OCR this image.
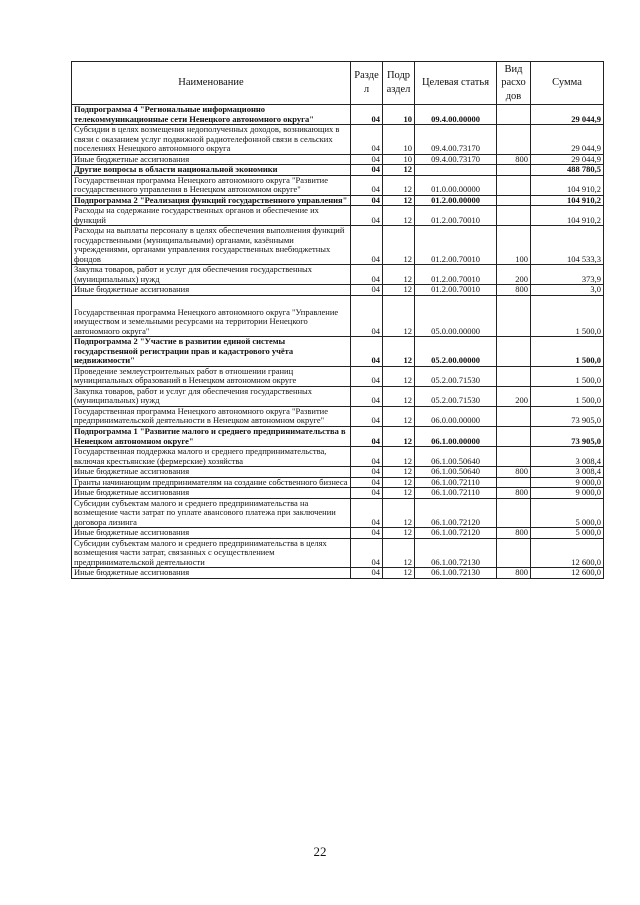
Наименование	Разде л	Подр аздел	Целевая статья	Вид расхо дов	Сумма
Подпрограмма 4 "Региональные информационно телекоммуникационные сети Ненецкого автономного округа"	04	10	09.4.00.00000		29 044,9
Субсидии в целях возмещения недополученных доходов, возникающих в связи с оказанием услуг подвижной радиотелефонной связи в сельских поселениях Ненецкого автономного округа	04	10	09.4.00.73170		29 044,9
Иные бюджетные ассигнования	04	10	09.4.00.73170	800	29 044,9
Другие вопросы в области национальной экономики	04	12			488 780,5
Государственная программа Ненецкого автономного округа "Развитие государственного управления в Ненецком автономном округе"	04	12	01.0.00.00000		104 910,2
Подпрограмма 2 "Реализация функций государственного управления"	04	12	01.2.00.00000		104 910,2
Расходы на содержание государственных органов и обеспечение их функций	04	12	01.2.00.70010		104 910,2
Расходы на выплаты персоналу в целях обеспечения выполнения функций государственными (муниципальными) органами, казёнными учреждениями, органами управления государственных внебюджетных фондов	04	12	01.2.00.70010	100	104 533,3
Закупка товаров, работ и услуг для обеспечения государственных (муниципальных) нужд	04	12	01.2.00.70010	200	373,9
Иные бюджетные ассигнования	04	12	01.2.00.70010	800	3,0
Государственная программа Ненецкого автономного округа "Управление имуществом и земельными ресурсами на территории Ненецкого автономного округа"	04	12	05.0.00.00000		1 500,0
Подпрограмма 2 "Участие в развитии единой системы государственной регистрации прав и кадастрового учёта недвижимости"	04	12	05.2.00.00000		1 500,0
Проведение землеустроительных работ в отношении границ муниципальных образований в Ненецком автономном округе	04	12	05.2.00.71530		1 500,0
Закупка товаров, работ и услуг для обеспечения государственных (муниципальных) нужд	04	12	05.2.00.71530	200	1 500,0
Государственная программа Ненецкого автономного округа "Развитие предпринимательской деятельности в Ненецком автономном округе"	04	12	06.0.00.00000		73 905,0
Подпрограмма 1 "Развитие малого и среднего предпринимательства в Ненецком автономном округе"	04	12	06.1.00.00000		73 905,0
Государственная поддержка малого и среднего предпринимательства, включая крестьянские (фермерские) хозяйства	04	12	06.1.00.50640		3 008,4
Иные бюджетные ассигнования	04	12	06.1.00.50640	800	3 008,4
Гранты начинающим предпринимателям на создание собственного бизнеса	04	12	06.1.00.72110		9 000,0
Иные бюджетные ассигнования	04	12	06.1.00.72110	800	9 000,0
Субсидии субъектам малого и среднего предпринимательства на возмещение части затрат по уплате авансового платежа при заключении договора лизинга	04	12	06.1.00.72120		5 000,0
Иные бюджетные ассигнования	04	12	06.1.00.72120	800	5 000,0
Субсидии субъектам малого и среднего предпринимательства в целях возмещения части затрат, связанных с осуществлением предпринимательской деятельности	04	12	06.1.00.72130		12 600,0
Иные бюджетные ассигнования	04	12	06.1.00.72130	800	12 600,0
22
